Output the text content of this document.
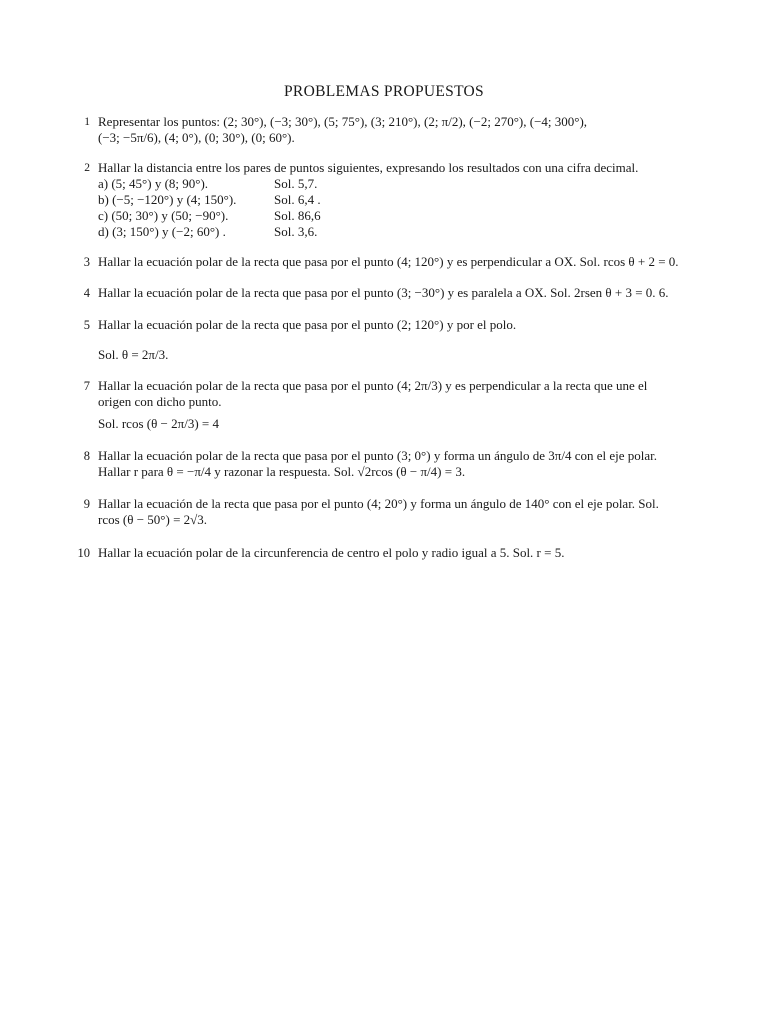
PROBLEMAS PROPUESTOS
1 Representar los puntos: (2; 30°), (−3; 30°), (5; 75°), (3; 210°), (2; π/2), (−2; 270°), (−4; 300°),
(−3; −5π/6), (4; 0°), (0; 30°), (0; 60°).
2 Hallar la distancia entre los pares de puntos siguientes, expresando los resultados con una cifra decimal.
a) (5; 45°) y (8; 90°).	Sol. 5,7.
b) (−5; −120°) y (4; 150°).	Sol. 6,4 .
c) (50; 30°) y (50; −90°).	Sol. 86,6
d) (3; 150°) y (−2; 60°) .	Sol. 3,6.
3 Hallar la ecuación polar de la recta que pasa por el punto (4; 120°) y es perpendicular a OX. Sol. rcos θ + 2 = 0.
4 Hallar la ecuación polar de la recta que pasa por el punto (3; −30°) y es paralela a OX. Sol. 2rsen θ + 3 = 0. 6.
5 Hallar la ecuación polar de la recta que pasa por el punto (2; 120°) y por el polo.
Sol. θ = 2π/3.
7 Hallar la ecuación polar de la recta que pasa por el punto (4; 2π/3) y es perpendicular a la recta que une el
origen con dicho punto.
Sol. rcos (θ − 2π/3) = 4
8 Hallar la ecuación polar de la recta que pasa por el punto (3; 0°) y forma un ángulo de 3π/4 con el eje polar.
Hallar r para θ = −π/4 y razonar la respuesta. Sol. √2rcos (θ − π/4) = 3.
9 Hallar la ecuación de la recta que pasa por el punto (4; 20°) y forma un ángulo de 140° con el eje polar. Sol.
rcos (θ − 50°) = 2√3.
10 Hallar la ecuación polar de la circunferencia de centro el polo y radio igual a 5. Sol. r = 5.
